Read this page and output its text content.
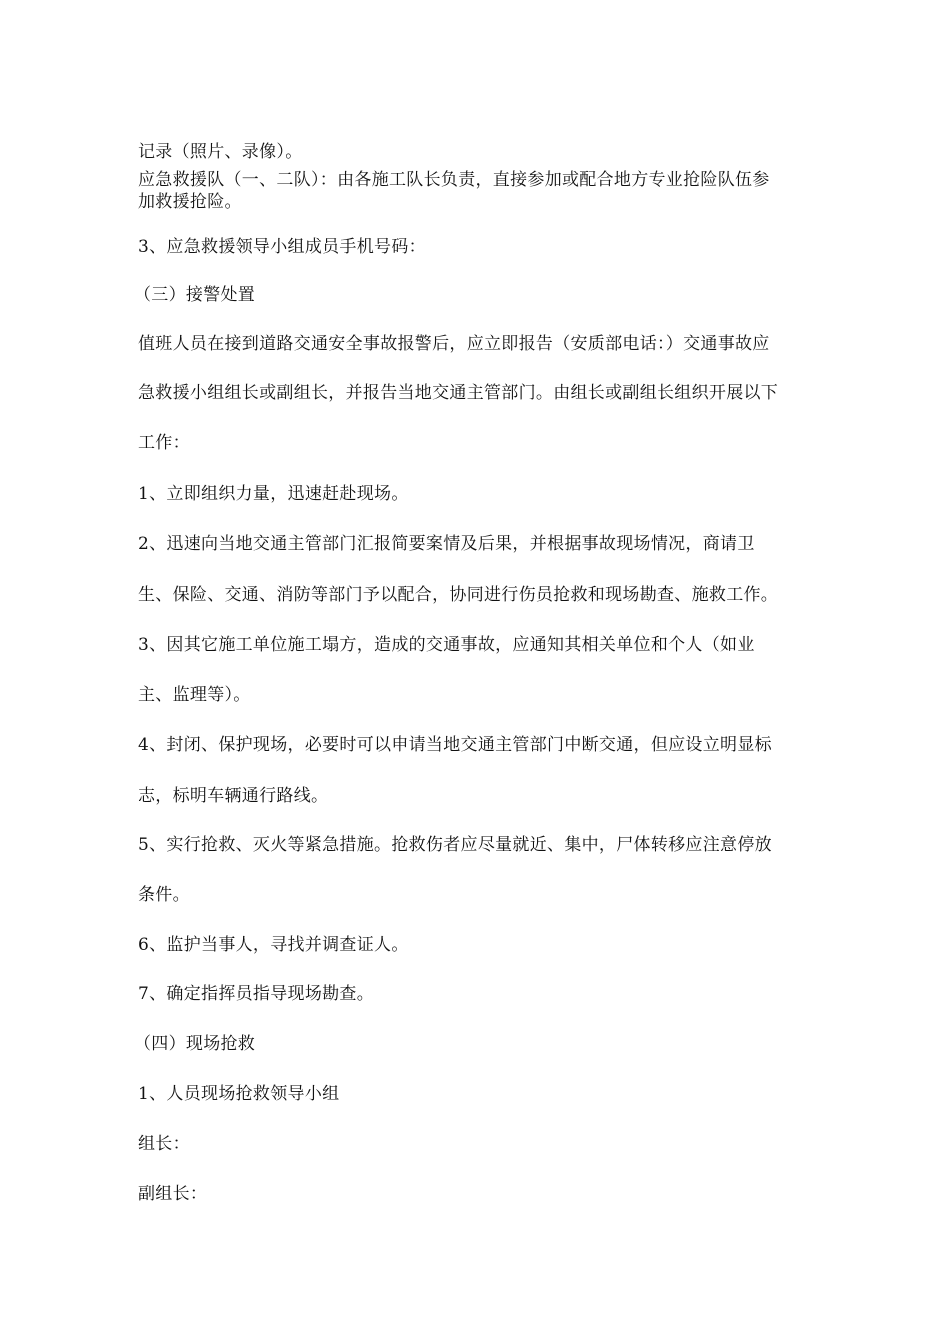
记录（照片、录像）。
应急救援队（一、二队）：由各施工队长负责，直接参加或配合地方专业抢险队伍参
加救援抢险。
3、应急救援领导小组成员手机号码：
（三）接警处置
值班人员在接到道路交通安全事故报警后，应立即报告（安质部电话：）交通事故应
急救援小组组长或副组长，并报告当地交通主管部门。由组长或副组长组织开展以下
工作：
1、立即组织力量，迅速赶赴现场。
2、迅速向当地交通主管部门汇报简要案情及后果，并根据事故现场情况，商请卫
生、保险、交通、消防等部门予以配合，协同进行伤员抢救和现场勘查、施救工作。
3、因其它施工单位施工塌方，造成的交通事故，应通知其相关单位和个人（如业
主、监理等）。
4、封闭、保护现场，必要时可以申请当地交通主管部门中断交通，但应设立明显标
志，标明车辆通行路线。
5、实行抢救、灭火等紧急措施。抢救伤者应尽量就近、集中，尸体转移应注意停放
条件。
6、监护当事人，寻找并调查证人。
7、确定指挥员指导现场勘查。
（四）现场抢救
1、人员现场抢救领导小组
组长：
副组长：
